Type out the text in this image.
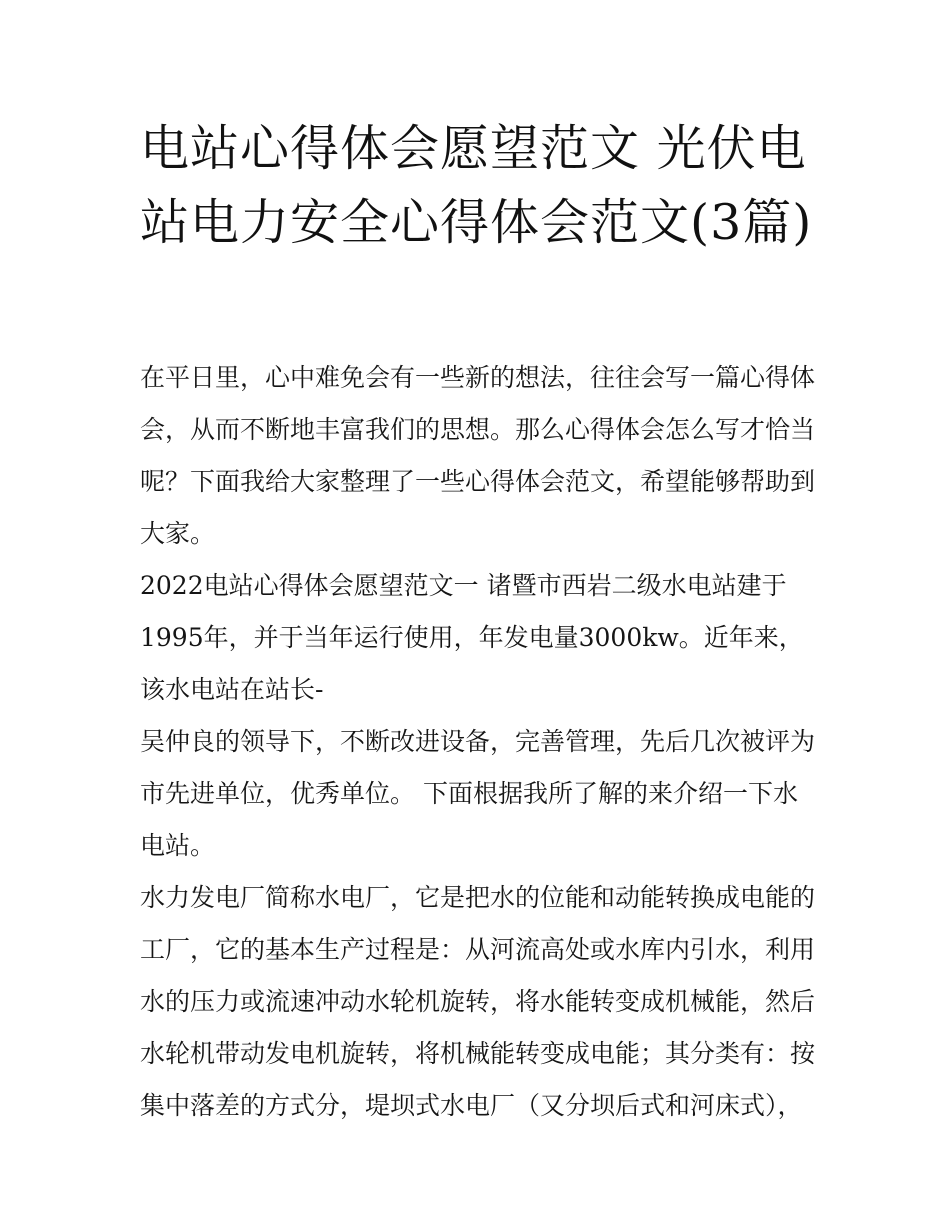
电站心得体会愿望范文 光伏电站电力安全心得体会范文(3篇)

在平日里，心中难免会有一些新的想法，往往会写一篇心得体会，从而不断地丰富我们的思想。那么心得体会怎么写才恰当呢？下面我给大家整理了一些心得体会范文，希望能够帮助到大家。

2022电站心得体会愿望范文一 诸暨市西岩二级水电站建于1995年，并于当年运行使用，年发电量3000kw。近年来，该水电站在站长-

吴仲良的领导下，不断改进设备，完善管理，先后几次被评为市先进单位，优秀单位。 下面根据我所了解的来介绍一下水电站。

水力发电厂简称水电厂，它是把水的位能和动能转换成电能的工厂，它的基本生产过程是：从河流高处或水库内引水，利用水的压力或流速冲动水轮机旋转，将水能转变成机械能，然后水轮机带动发电机旋转，将机械能转变成电能；其分类有：按集中落差的方式分，堤坝式水电厂（又分坝后式和河床式），
